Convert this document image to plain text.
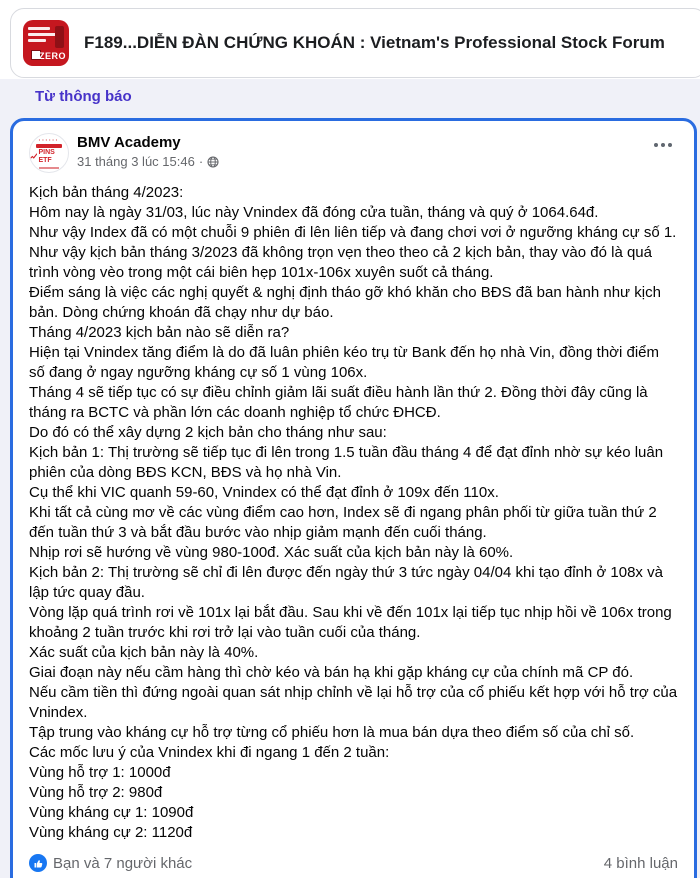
ZERO
F189...DIỄN ĐÀN CHỨNG KHOÁN : Vietnam's Professional Stock Forum
Từ thông báo
••••••
PINS ETF
BMV Academy
31 tháng 3 lúc 15:46 ·
Kịch bản tháng 4/2023:
Hôm nay là ngày 31/03, lúc này Vnindex đã đóng cửa tuần, tháng và quý ở 1064.64đ.
Như vậy Index đã có một chuỗi 9 phiên đi lên liên tiếp và đang chơi vơi ở ngưỡng kháng cự số 1.
Như vậy kịch bản tháng 3/2023 đã không trọn vẹn theo theo cả 2 kịch bản, thay vào đó là quá trình vòng vèo trong một cái biên hẹp 101x-106x xuyên suốt cả tháng.
Điểm sáng là việc các nghị quyết & nghị định tháo gỡ khó khăn cho BĐS đã ban hành như kịch bản. Dòng chứng khoán đã chạy như dự báo.
Tháng 4/2023 kịch bản nào sẽ diễn ra?
Hiện tại Vnindex tăng điểm là do đã luân phiên kéo trụ từ Bank đến họ nhà Vin, đồng thời điểm số đang ở ngay ngưỡng kháng cự số 1 vùng 106x.
Tháng 4 sẽ tiếp tục có sự điều chỉnh giảm lãi suất điều hành lần thứ 2. Đồng thời đây cũng là tháng ra BCTC và phần lớn các doanh nghiệp tổ chức ĐHCĐ.
Do đó có thể xây dựng 2 kịch bản cho tháng như sau:
Kịch bản 1: Thị trường sẽ tiếp tục đi lên trong 1.5 tuần đầu tháng 4 để đạt đỉnh nhờ sự kéo luân phiên của dòng BĐS KCN, BĐS và họ nhà Vin.
Cụ thể khi VIC quanh 59-60, Vnindex có thể đạt đỉnh ở 109x đến 110x.
Khi tất cả cùng mơ về các vùng điểm cao hơn, Index sẽ đi ngang phân phối từ giữa tuần thứ 2 đến tuần thứ 3 và bắt đầu bước vào nhịp giảm mạnh đến cuối tháng.
Nhịp rơi sẽ hướng về vùng 980-100đ. Xác suất của kịch bản này là 60%.
Kịch bản 2: Thị trường sẽ chỉ đi lên được đến ngày thứ 3 tức ngày 04/04 khi tạo đỉnh ở 108x và lập tức quay đầu.
Vòng lặp quá trình rơi về 101x lại bắt đầu. Sau khi về đến 101x lại tiếp tục nhịp hồi về 106x trong khoảng 2 tuần trước khi rơi trở lại vào tuần cuối của tháng.
Xác suất của kịch bản này là 40%.
Giai đoạn này nếu cầm hàng thì chờ kéo và bán hạ khi gặp kháng cự của chính mã CP đó.
Nếu cầm tiền thì đứng ngoài quan sát nhịp chỉnh về lại hỗ trợ của cổ phiếu kết hợp với hỗ trợ của Vnindex.
Tập trung vào kháng cự hỗ trợ từng cổ phiếu hơn là mua bán dựa theo điểm số của chỉ số.
Các mốc lưu ý của Vnindex khi đi ngang 1 đến 2 tuần:
Vùng hỗ trợ 1: 1000đ
Vùng hỗ trợ 2: 980đ
Vùng kháng cự 1: 1090đ
Vùng kháng cự 2: 1120đ
Bạn và 7 người khác	4 bình luận
